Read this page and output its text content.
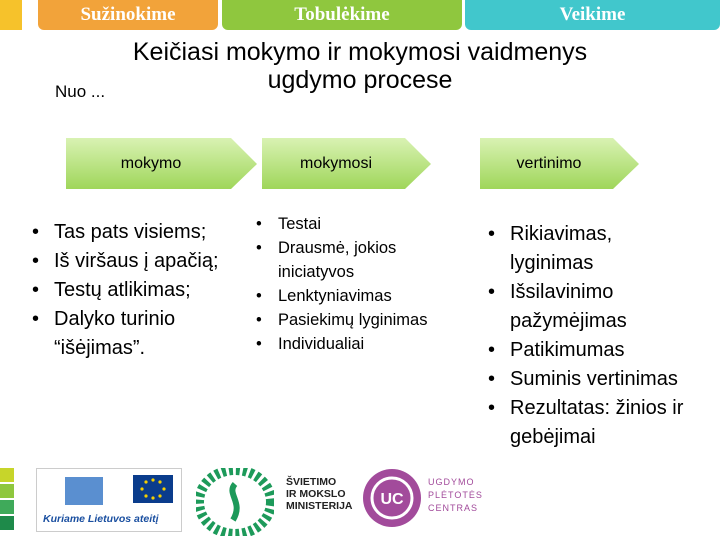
Sužinokime	Tobulėkime	Veikime
Keičiasi mokymo ir mokymosi vaidmenys
ugdymo procese
Nuo ...
mokymo	mokymosi	vertinimo
• Tas pats visiems;
• Iš viršaus į apačią;
• Testų atlikimas;
• Dalyko turinio “išėjimas”.
• Testai
• Drausmė, jokios iniciatyvos
• Lenktyniavimas
• Pasiekimų lyginimas
• Individualiai
• Rikiavimas, lyginimas
• Išsilavinimo pažymėjimas
• Patikimumas
• Suminis vertinimas
• Rezultatas: žinios ir gebėjimai
Kuriame Lietuvos ateitį
ŠVIETIMO
IR MOKSLO
MINISTERIJA UC
UGDYMO
PLĖTOTĖS
CENTRAS
